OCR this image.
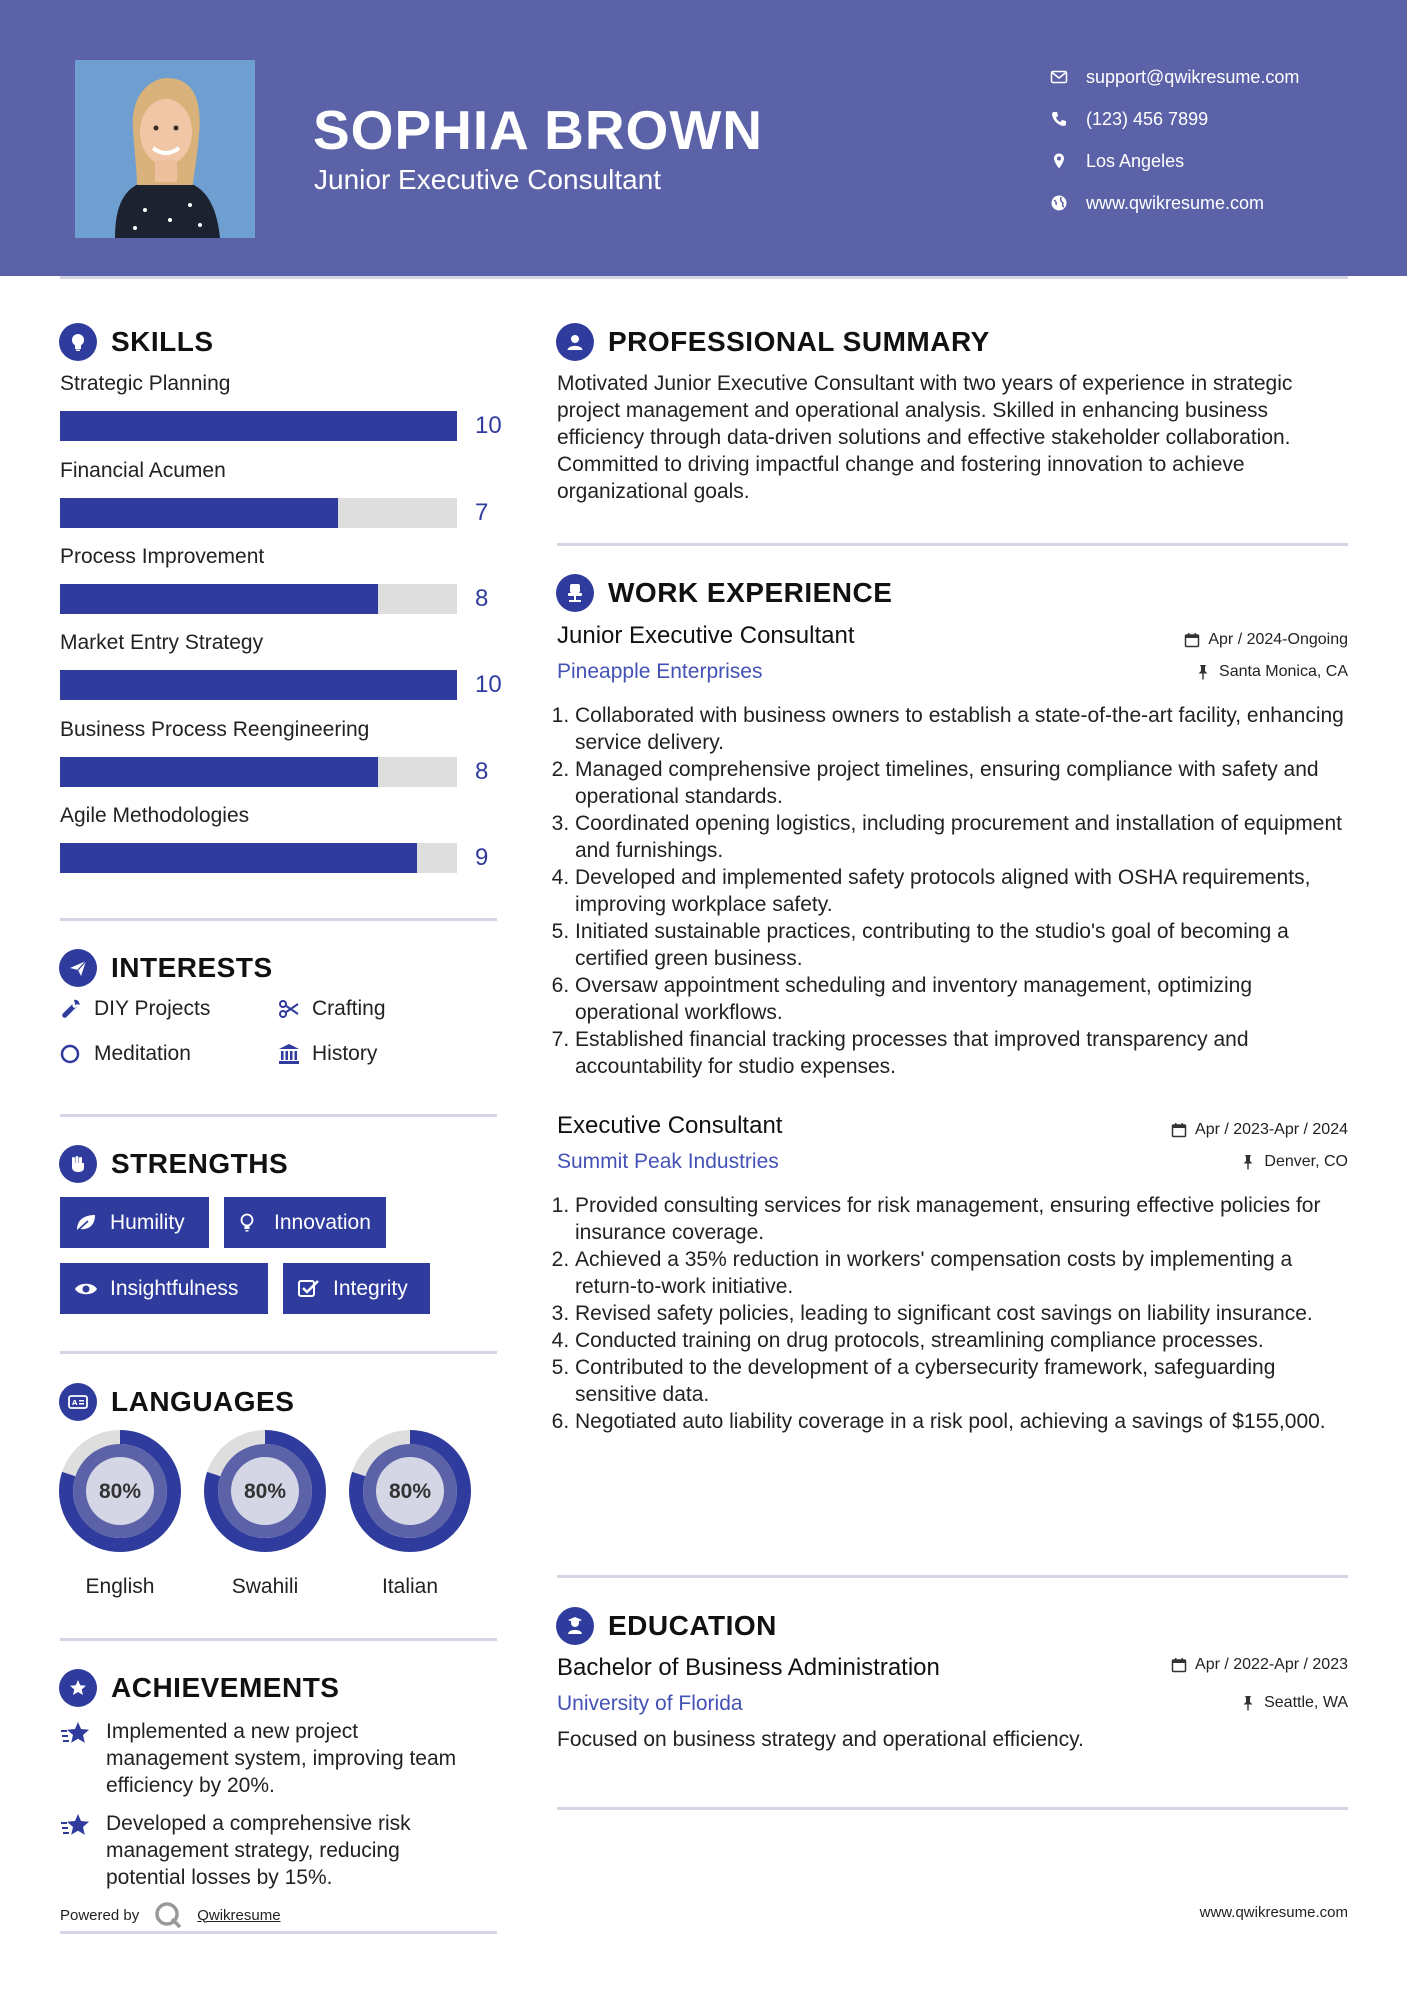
SOPHIA BROWN
Junior Executive Consultant
support@qwikresume.com
(123) 456 7899
Los Angeles
www.qwikresume.com
SKILLS
Strategic Planning
10
Financial Acumen
7
Process Improvement
8
Market Entry Strategy
10
Business Process Reengineering
8
Agile Methodologies
9
INTERESTS
DIY Projects	Crafting
Meditation	History
STRENGTHS
Humility	Innovation
Insightfulness	Integrity
A LANGUAGES
80%
English
80%
Swahili
80%
Italian
ACHIEVEMENTS
Implemented a new project management system, improving team efficiency by 20%.
Developed a comprehensive risk management strategy, reducing potential losses by 15%.
Powered by	Qwikresume	www.qwikresume.com
PROFESSIONAL SUMMARY
Motivated Junior Executive Consultant with two years of experience in strategic project management and operational analysis. Skilled in enhancing business efficiency through data-driven solutions and effective stakeholder collaboration. Committed to driving impactful change and fostering innovation to achieve organizational goals.
WORK EXPERIENCE
Junior Executive Consultant	Apr / 2024-Ongoing
Pineapple Enterprises	Santa Monica, CA
1. Collaborated with business owners to establish a state-of-the-art facility, enhancing service delivery.
2. Managed comprehensive project timelines, ensuring compliance with safety and operational standards.
3. Coordinated opening logistics, including procurement and installation of equipment and furnishings.
4. Developed and implemented safety protocols aligned with OSHA requirements, improving workplace safety.
5. Initiated sustainable practices, contributing to the studio's goal of becoming a certified green business.
6. Oversaw appointment scheduling and inventory management, optimizing operational workflows.
7. Established financial tracking processes that improved transparency and accountability for studio expenses.
Executive Consultant	Apr / 2023-Apr / 2024
Summit Peak Industries	Denver, CO
1. Provided consulting services for risk management, ensuring effective policies for insurance coverage.
2. Achieved a 35% reduction in workers' compensation costs by implementing a return-to-work initiative.
3. Revised safety policies, leading to significant cost savings on liability insurance.
4. Conducted training on drug protocols, streamlining compliance processes.
5. Contributed to the development of a cybersecurity framework, safeguarding sensitive data.
6. Negotiated auto liability coverage in a risk pool, achieving a savings of $155,000.
EDUCATION
Bachelor of Business Administration	Apr / 2022-Apr / 2023
University of Florida	Seattle, WA
Focused on business strategy and operational efficiency.
